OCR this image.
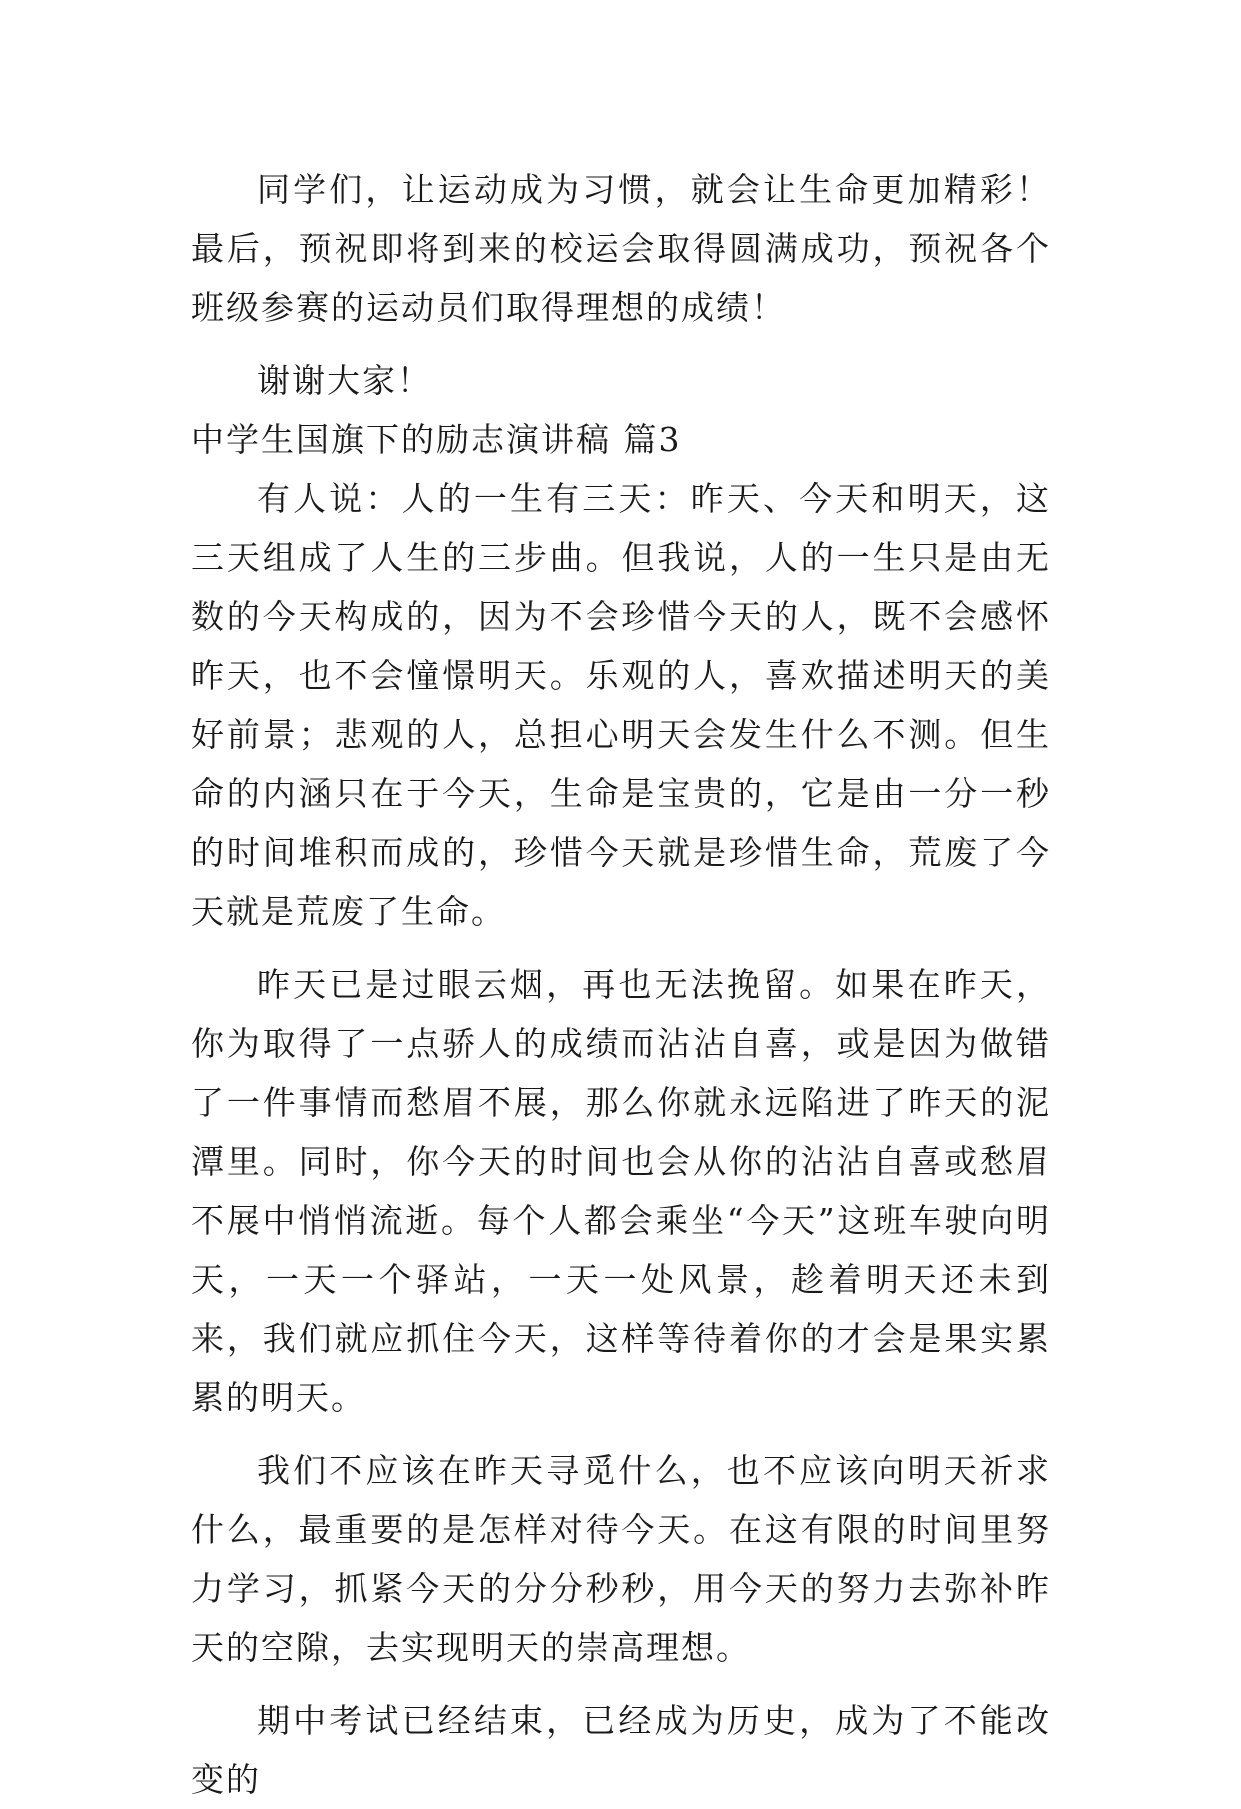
同学们，让运动成为习惯，就会让生命更加精彩！最后，预祝即将到来的校运会取得圆满成功，预祝各个班级参赛的运动员们取得理想的成绩！

谢谢大家！

中学生国旗下的励志演讲稿 篇3

有人说：人的一生有三天：昨天、今天和明天，这三天组成了人生的三步曲。但我说，人的一生只是由无数的今天构成的，因为不会珍惜今天的人，既不会感怀昨天，也不会憧憬明天。乐观的人，喜欢描述明天的美好前景；悲观的人，总担心明天会发生什么不测。但生命的内涵只在于今天，生命是宝贵的，它是由一分一秒的时间堆积而成的，珍惜今天就是珍惜生命，荒废了今天就是荒废了生命。

昨天已是过眼云烟，再也无法挽留。如果在昨天，你为取得了一点骄人的成绩而沾沾自喜，或是因为做错了一件事情而愁眉不展，那么你就永远陷进了昨天的泥潭里。同时，你今天的时间也会从你的沾沾自喜或愁眉不展中悄悄流逝。每个人都会乘坐“今天”这班车驶向明天，一天一个驿站，一天一处风景，趁着明天还未到来，我们就应抓住今天，这样等待着你的才会是果实累累的明天。

我们不应该在昨天寻觅什么，也不应该向明天祈求什么，最重要的是怎样对待今天。在这有限的时间里努力学习，抓紧今天的分分秒秒，用今天的努力去弥补昨天的空隙，去实现明天的崇高理想。

期中考试已经结束，已经成为历史，成为了不能改变的
